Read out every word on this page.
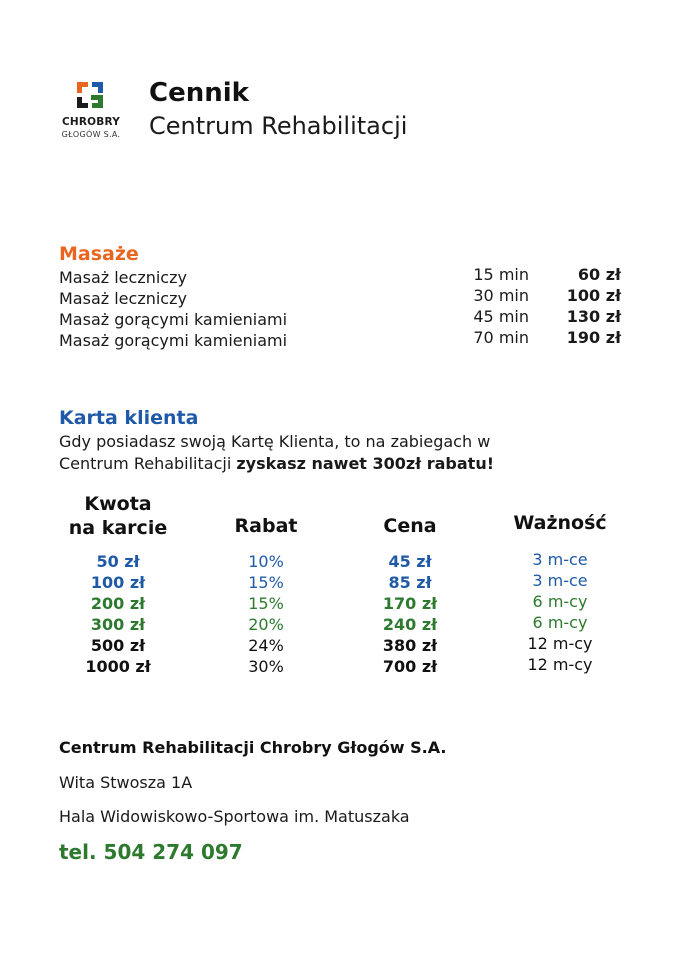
CHROBRY
GŁOGÓW S.A.
Cennik
Centrum Rehabilitacji
Masaże
Masaż leczniczy	15 min	60 zł
Masaż leczniczy	30 min 100 zł
Masaż gorącymi kamieniami	45 min 130 zł
Masaż gorącymi kamieniami	70 min 190 zł
Karta klienta
Gdy posiadasz swoją Kartę Klienta, to na zabiegach w
Centrum Rehabilitacji zyskasz nawet 300zł rabatu!
Kwota
na karcie	Rabat	Cena	Ważność
50 zł	10%	45 zł	3 m-ce
100 zł	15%	85 zł	3 m-ce
200 zł	15%	170 zł	6 m-cy
300 zł	20%	240 zł	6 m-cy
500 zł	24%	380 zł	12 m-cy
1000 zł	30%	700 zł	12 m-cy
Centrum Rehabilitacji Chrobry Głogów S.A.
Wita Stwosza 1A
Hala Widowiskowo-Sportowa im. Matuszaka
tel. 504 274 097
